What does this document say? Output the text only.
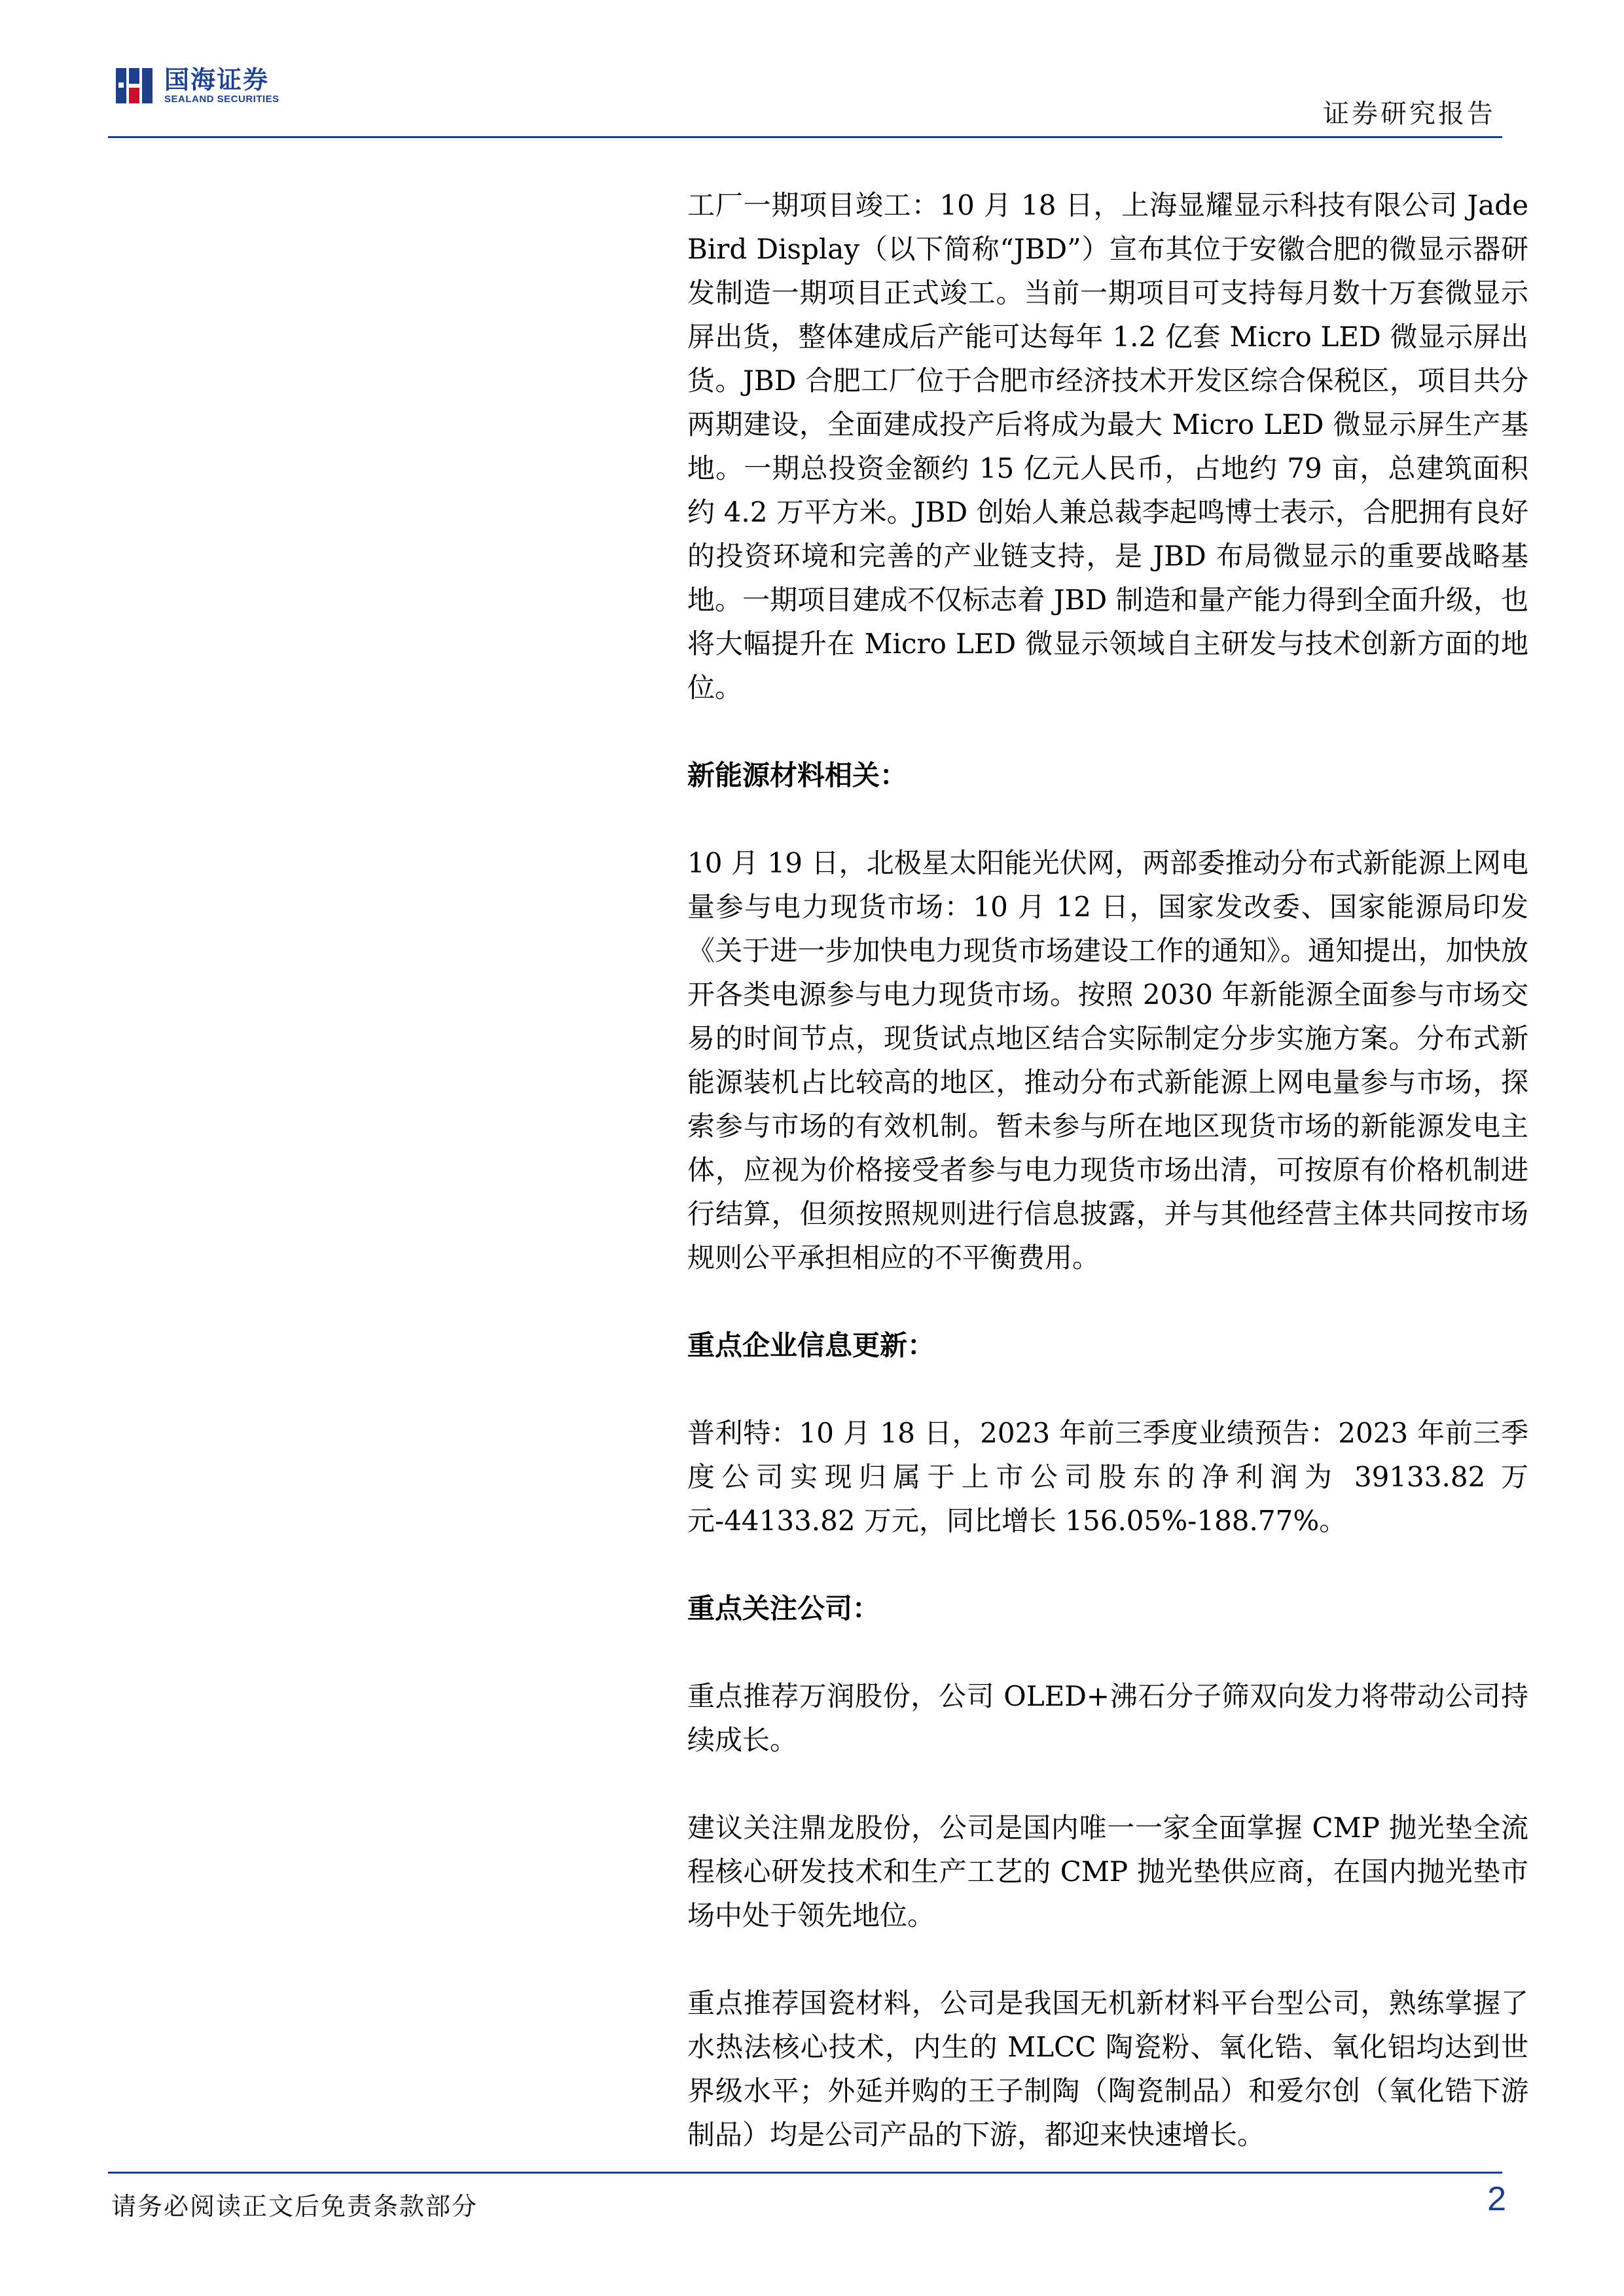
国海证券
SEALAND SECURITIES	证券研究报告

工厂一期项目竣工：10 月 18 日，上海显耀显示科技有限公司 Jade Bird Display（以下简称“JBD”）宣布其位于安徽合肥的微显示器研发制造一期项目正式竣工。当前一期项目可支持每月数十万套微显示屏出货，整体建成后产能可达每年 1.2 亿套 Micro LED 微显示屏出货。JBD 合肥工厂位于合肥市经济技术开发区综合保税区，项目共分两期建设，全面建成投产后将成为最大 Micro LED 微显示屏生产基地。一期总投资金额约 15 亿元人民币，占地约 79 亩，总建筑面积约 4.2 万平方米。JBD 创始人兼总裁李起鸣博士表示，合肥拥有良好的投资环境和完善的产业链支持，是 JBD 布局微显示的重要战略基地。一期项目建成不仅标志着 JBD 制造和量产能力得到全面升级，也将大幅提升在 Micro LED 微显示领域自主研发与技术创新方面的地位。

新能源材料相关：

10 月 19 日，北极星太阳能光伏网，两部委推动分布式新能源上网电量参与电力现货市场：10 月 12 日，国家发改委、国家能源局印发《关于进一步加快电力现货市场建设工作的通知》。通知提出，加快放开各类电源参与电力现货市场。按照 2030 年新能源全面参与市场交易的时间节点，现货试点地区结合实际制定分步实施方案。分布式新能源装机占比较高的地区，推动分布式新能源上网电量参与市场，探索参与市场的有效机制。暂未参与所在地区现货市场的新能源发电主体，应视为价格接受者参与电力现货市场出清，可按原有价格机制进行结算，但须按照规则进行信息披露，并与其他经营主体共同按市场规则公平承担相应的不平衡费用。

重点企业信息更新：

普利特：10 月 18 日，2023 年前三季度业绩预告：2023 年前三季度公司实现归属于上市公司股东的净利润为 39133.82 万元-44133.82 万元，同比增长 156.05%-188.77%。

重点关注公司：

重点推荐万润股份，公司 OLED+沸石分子筛双向发力将带动公司持续成长。

建议关注鼎龙股份，公司是国内唯一一家全面掌握 CMP 抛光垫全流程核心研发技术和生产工艺的 CMP 抛光垫供应商，在国内抛光垫市场中处于领先地位。

重点推荐国瓷材料，公司是我国无机新材料平台型公司，熟练掌握了水热法核心技术，内生的 MLCC 陶瓷粉、氧化锆、氧化铝均达到世界级水平；外延并购的王子制陶（陶瓷制品）和爱尔创（氧化锆下游制品）均是公司产品的下游，都迎来快速增长。

请务必阅读正文后免责条款部分	2
